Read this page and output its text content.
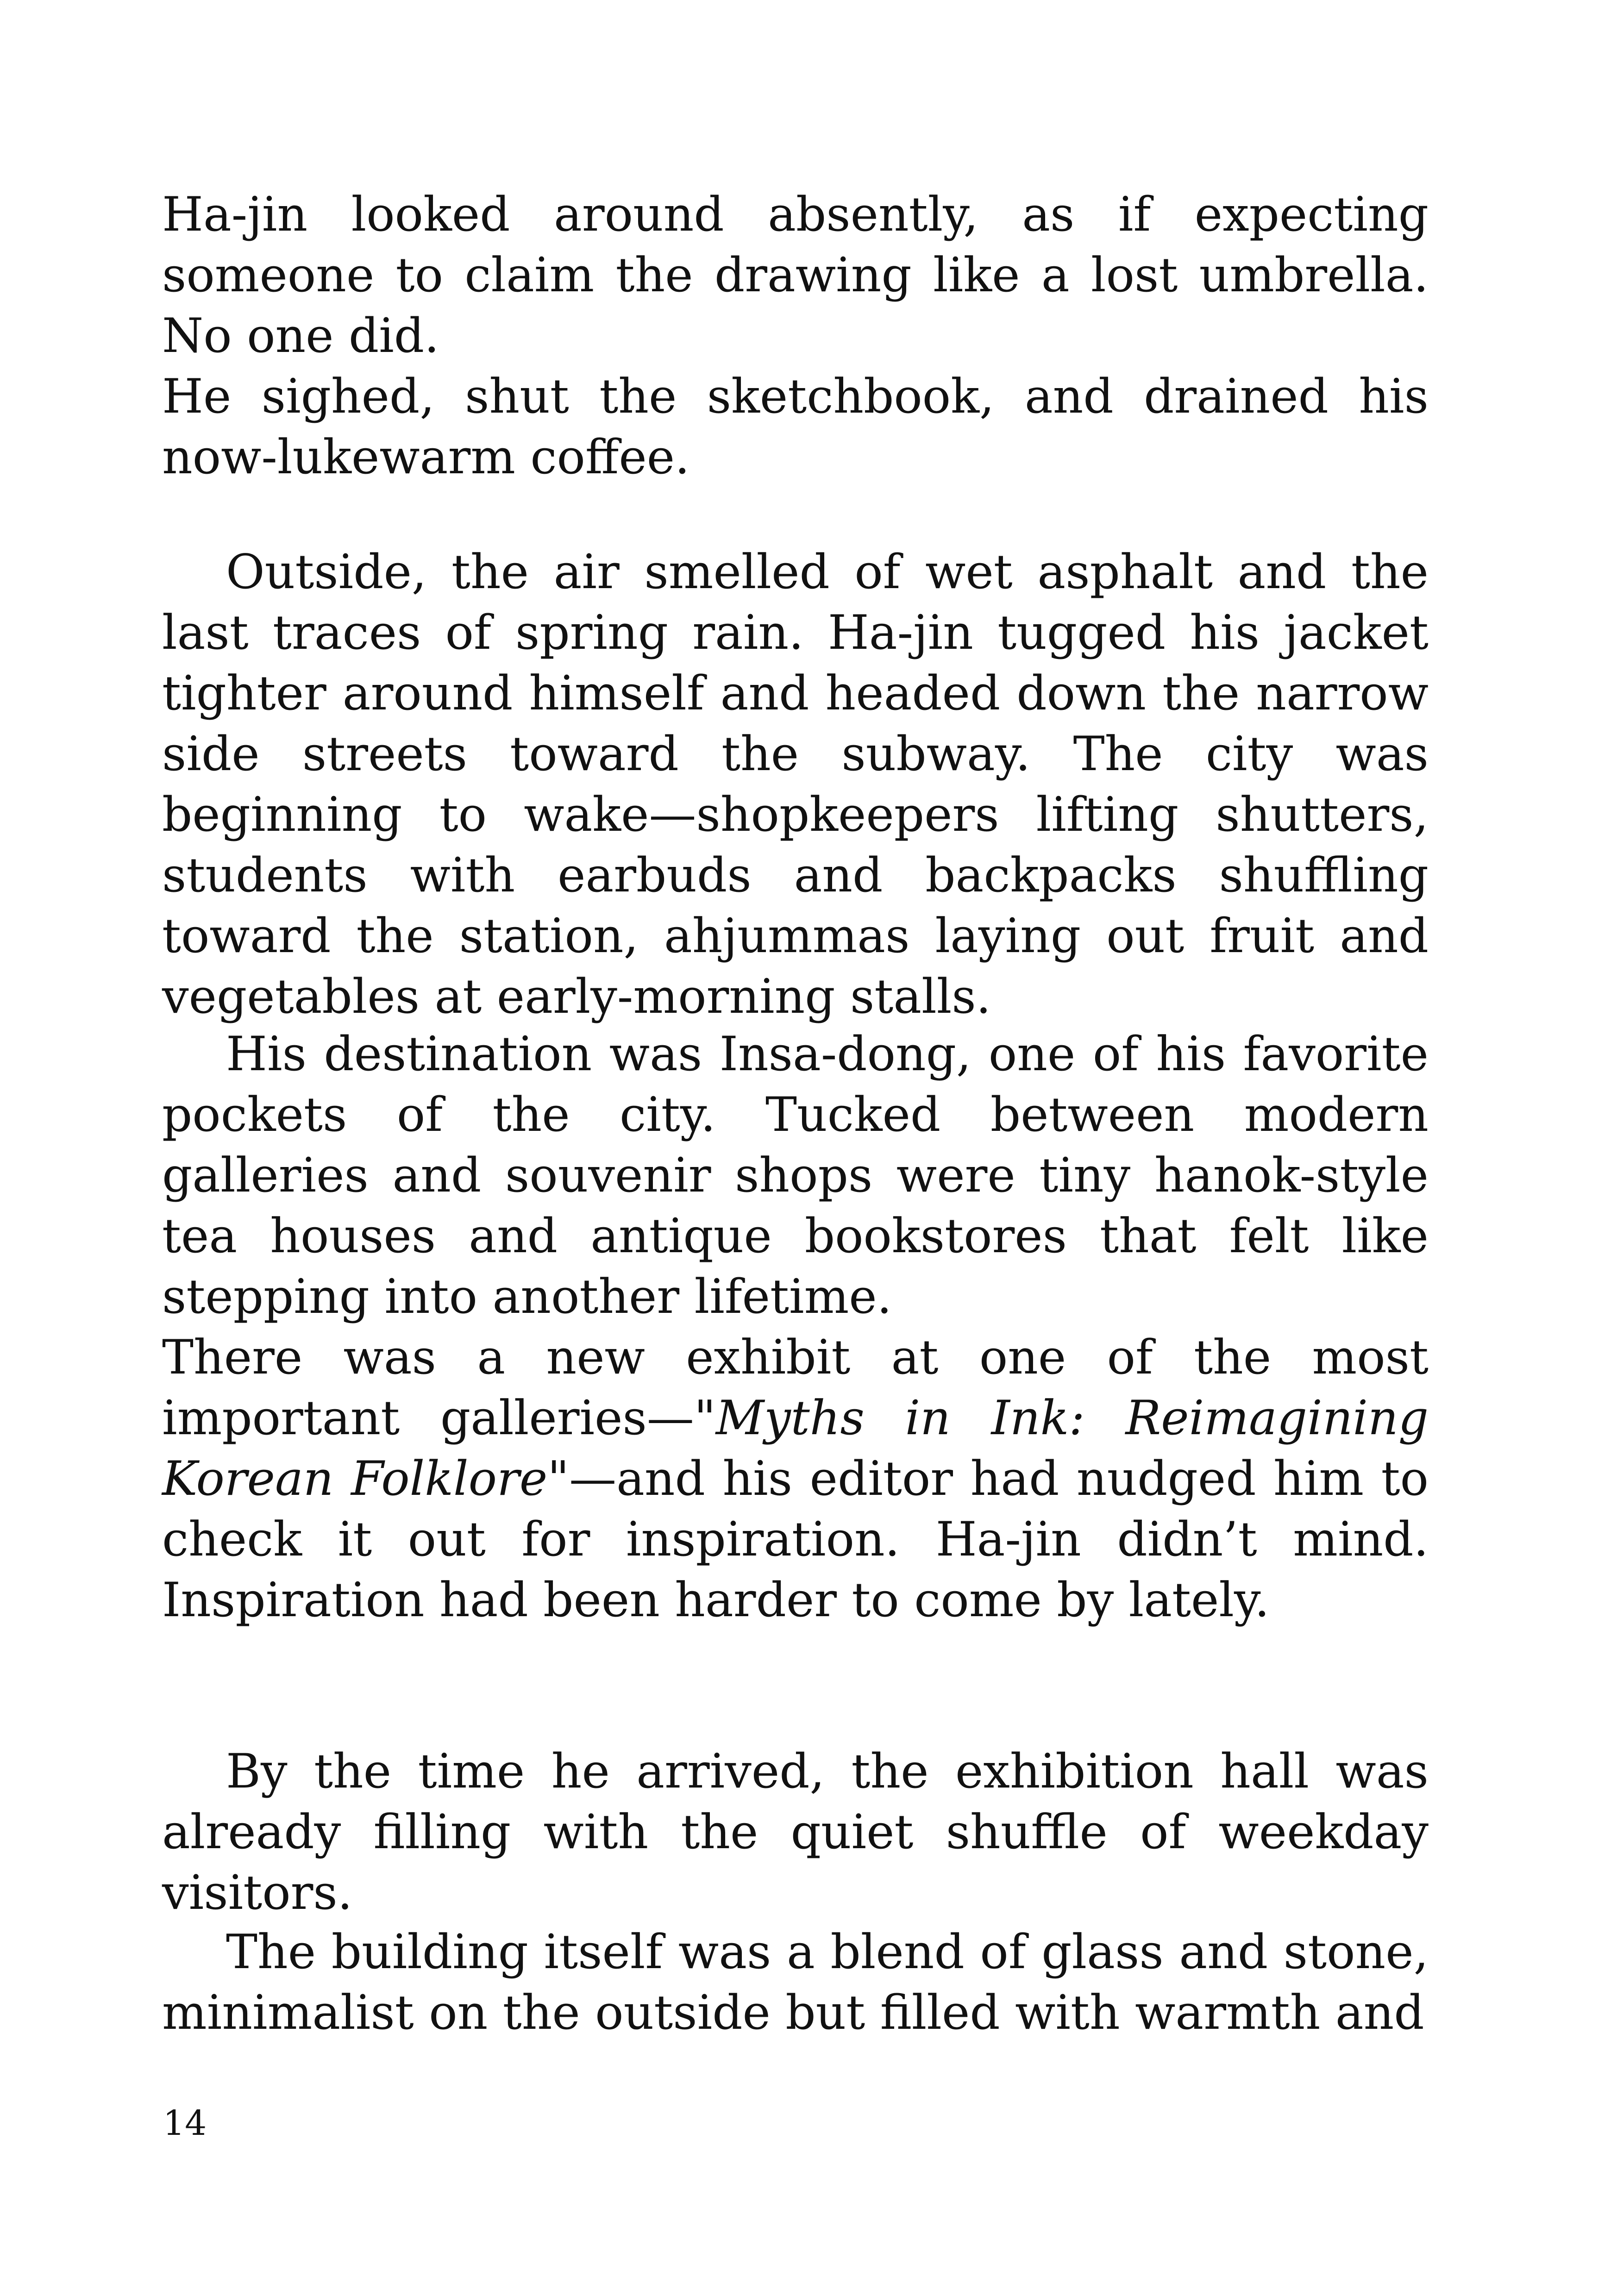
Ha-jin looked around absently, as if expecting someone to claim the drawing like a lost umbrella. No one did.

He sighed, shut the sketchbook, and drained his now-lukewarm coffee.

Outside, the air smelled of wet asphalt and the last traces of spring rain. Ha-jin tugged his jacket tighter around himself and headed down the narrow side streets toward the subway. The city was beginning to wake—shopkeepers lifting shutters, students with earbuds and backpacks shuffling toward the station, ahjummas laying out fruit and vegetables at early-morning stalls.

His destination was Insa-dong, one of his favorite pockets of the city. Tucked between modern galleries and souvenir shops were tiny hanok-style tea houses and antique bookstores that felt like stepping into another lifetime.

There was a new exhibit at one of the most important galleries—"Myths in Ink: Reimagining Korean Folklore"—and his editor had nudged him to check it out for inspiration. Ha-jin didn’t mind. Inspiration had been harder to come by lately.

By the time he arrived, the exhibition hall was already filling with the quiet shuffle of weekday visitors.

The building itself was a blend of glass and stone, minimalist on the outside but filled with warmth and

14
